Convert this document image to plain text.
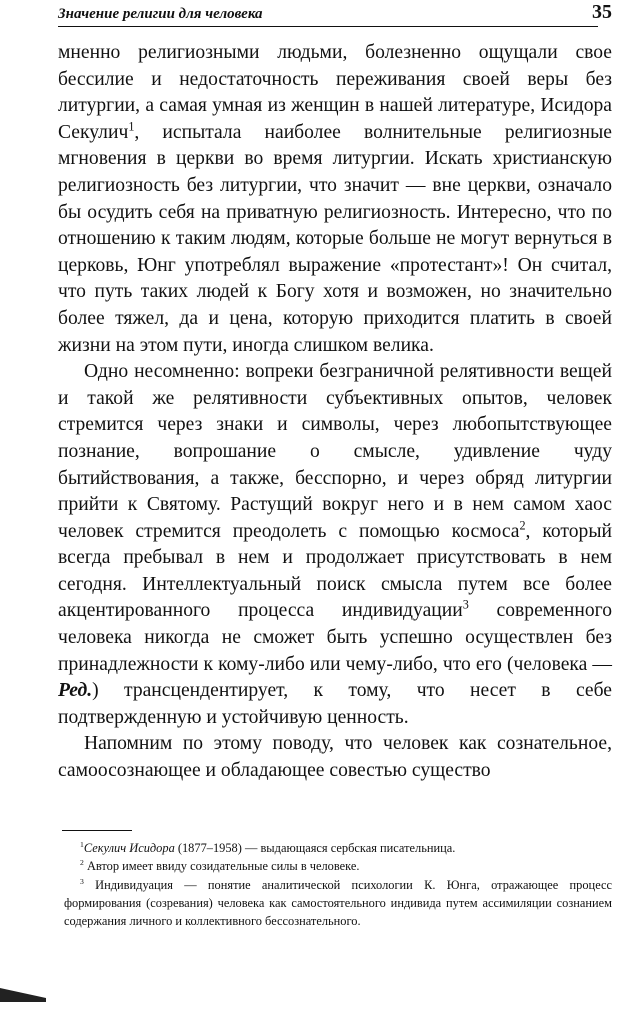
Значение религии для человека	35

мненно религиозными людьми, болезненно ощущали свое бессилие и недостаточность переживания своей веры без литургии, а самая умная из женщин в нашей литературе, Исидора Секулич$^1$, испытала наиболее волнительные религиозные мгновения в церкви во время литургии. Искать христианскую религиозность без литургии, что значит — вне церкви, означало бы осудить себя на приватную религиозность. Интересно, что по отношению к таким людям, которые больше не могут вернуться в церковь, Юнг употреблял выражение «протестант»! Он считал, что путь таких людей к Богу хотя и возможен, но значительно более тяжел, да и цена, которую приходится платить в своей жизни на этом пути, иногда слишком велика.

Одно несомненно: вопреки безграничной релятивности вещей и такой же релятивности субъективных опытов, человек стремится через знаки и символы, через любопытствующее познание, вопрошание о смысле, удивление чуду бытийствования, а также, бесспорно, и через обряд литургии прийти к Святому. Растущий вокруг него и в нем самом хаос человек стремится преодолеть с помощью космоса$^2$, который всегда пребывал в нем и продолжает присутствовать в нем сегодня. Интеллектуальный поиск смысла путем все более акцентированного процесса индивидуации$^3$ современного человека никогда не сможет быть успешно осуществлен без принадлежности к кому-либо или чему-либо, что его (человека — Ред.) трансцендентирует, к тому, что несет в себе подтвержденную и устойчивую ценность.

Напомним по этому поводу, что человек как сознательное, самоосознающее и обладающее совестью существо

$^1$Секулич Исидора (1877–1958) — выдающаяся сербская писательница.

$^2$ Автор имеет ввиду созидательные силы в человеке.

$^3$ Индивидуация — понятие аналитической психологии К. Юнга, отражающее процесс формирования (созревания) человека как самостоятельного индивида путем ассимиляции сознанием содержания личного и коллективного бессознательного.
